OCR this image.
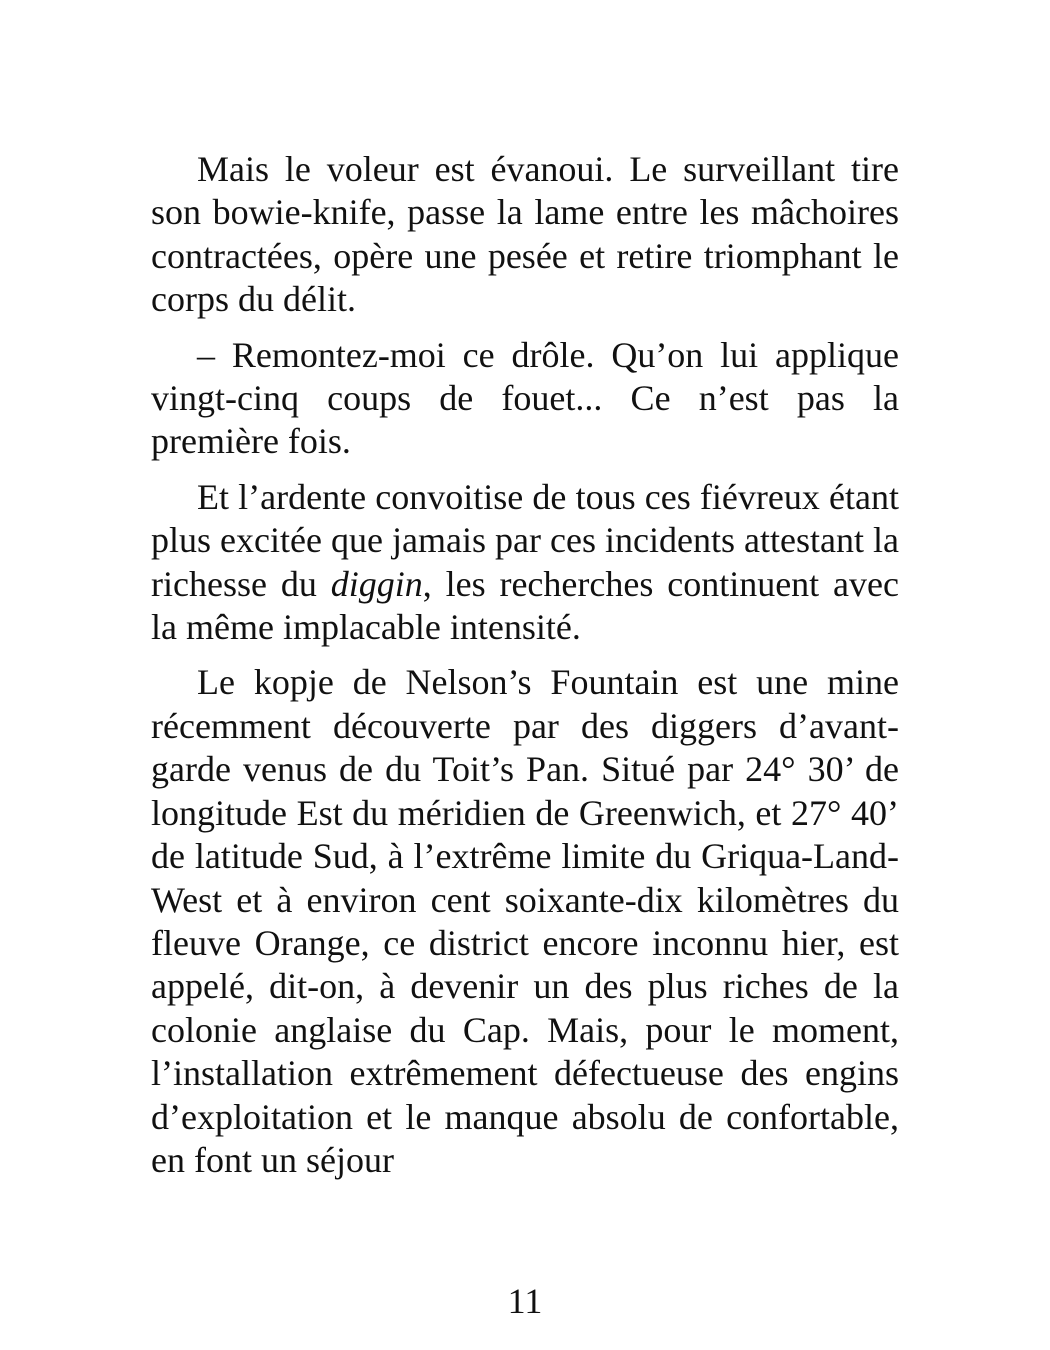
Mais le voleur est évanoui. Le surveillant tire son bowie-knife, passe la lame entre les mâchoires contractées, opère une pesée et retire triomphant le corps du délit.

– Remontez-moi ce drôle. Qu’on lui applique vingt-cinq coups de fouet... Ce n’est pas la première fois.

Et l’ardente convoitise de tous ces fiévreux étant plus excitée que jamais par ces incidents attestant la richesse du diggin, les recherches continuent avec la même implacable intensité.

Le kopje de Nelson’s Fountain est une mine récemment découverte par des diggers d’avant-garde venus de du Toit’s Pan. Situé par 24° 30’ de longitude Est du méridien de Greenwich, et 27° 40’ de latitude Sud, à l’extrême limite du Griqua-Land-West et à environ cent soixante-dix kilomètres du fleuve Orange, ce district encore inconnu hier, est appelé, dit-on, à devenir un des plus riches de la colonie anglaise du Cap. Mais, pour le moment, l’installation extrêmement défectueuse des engins d’exploitation et le manque absolu de confortable, en font un séjour

11
